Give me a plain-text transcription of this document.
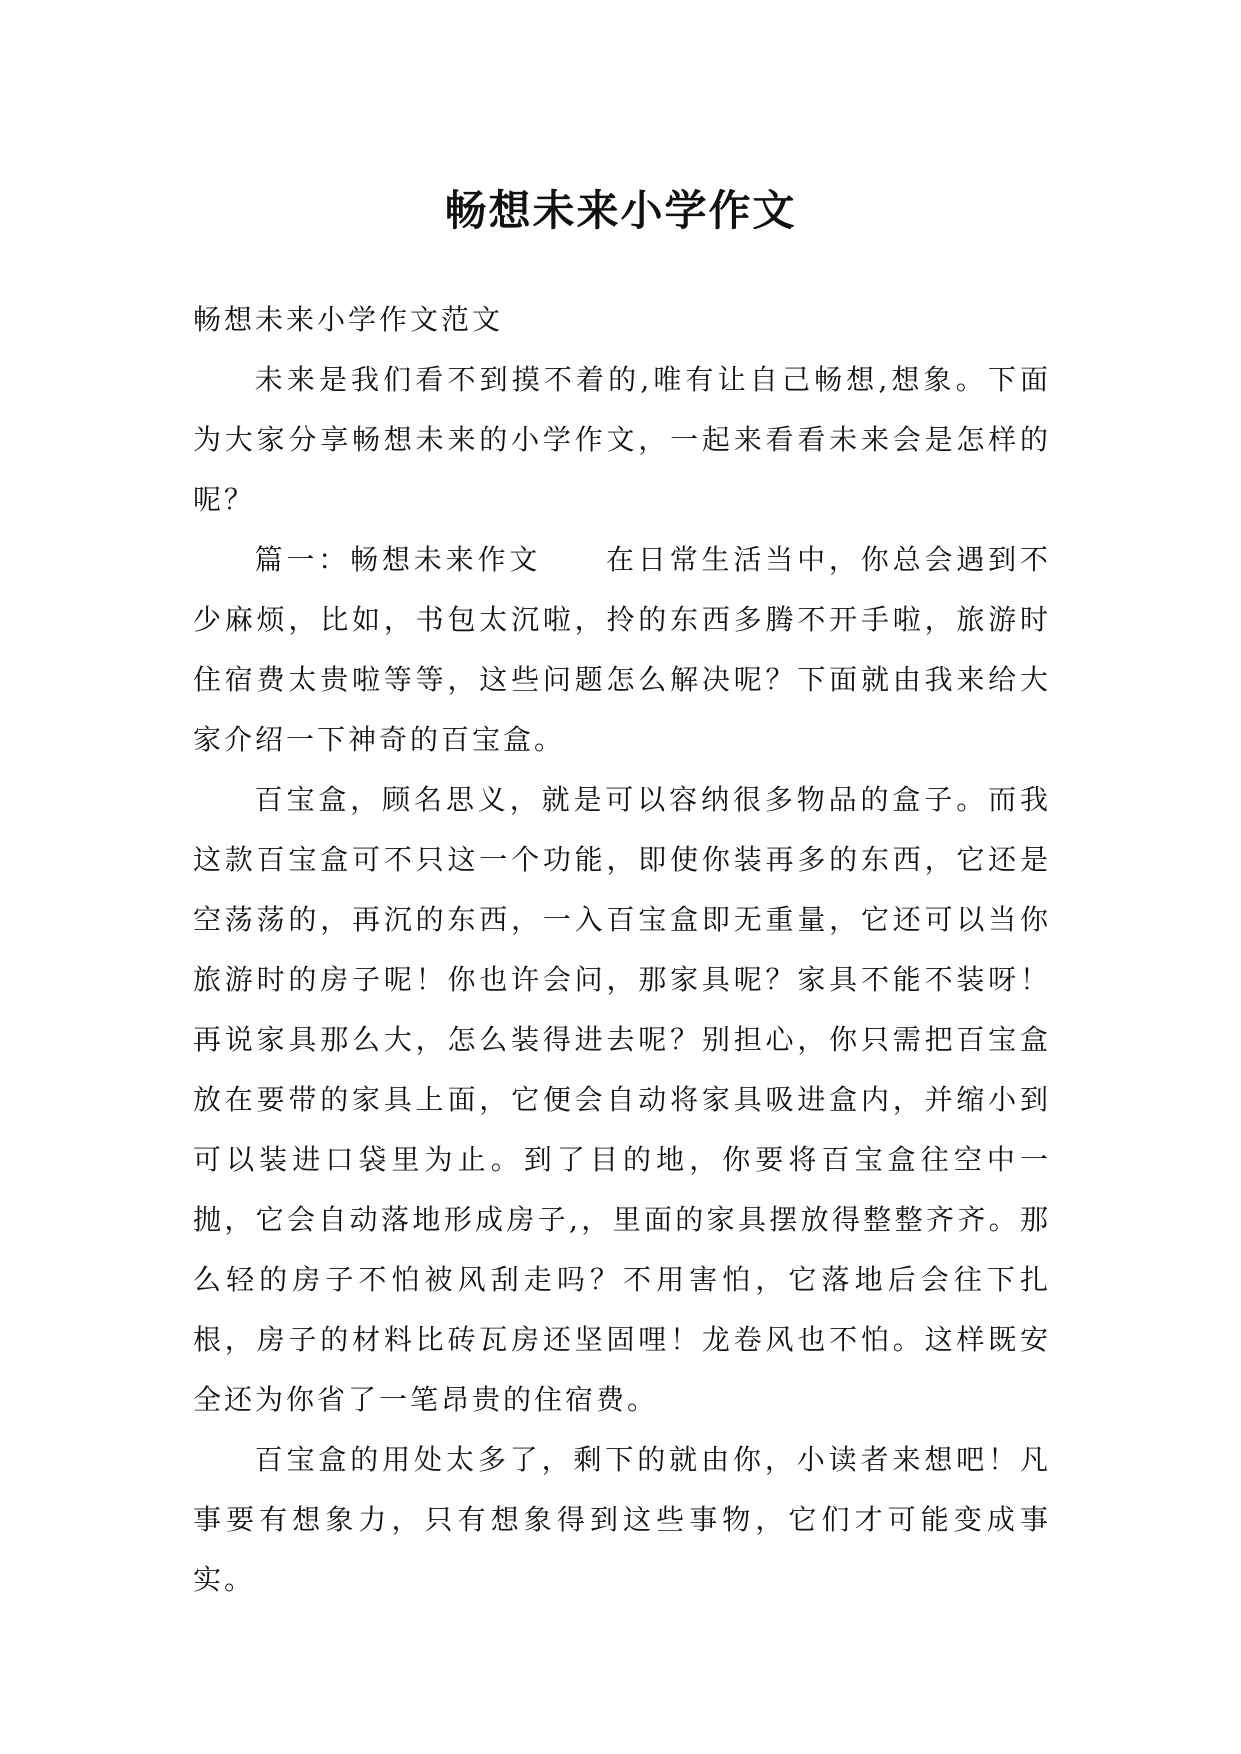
畅想未来小学作文

畅想未来小学作文范文

未来是我们看不到摸不着的,唯有让自己畅想,想象。下面为大家分享畅想未来的小学作文，一起来看看未来会是怎样的呢？

篇一：畅想未来作文 在日常生活当中，你总会遇到不少麻烦，比如，书包太沉啦，拎的东西多腾不开手啦，旅游时住宿费太贵啦等等，这些问题怎么解决呢？下面就由我来给大家介绍一下神奇的百宝盒。

百宝盒，顾名思义，就是可以容纳很多物品的盒子。而我这款百宝盒可不只这一个功能，即使你装再多的东西，它还是空荡荡的，再沉的东西，一入百宝盒即无重量，它还可以当你旅游时的房子呢！你也许会问，那家具呢？家具不能不装呀！再说家具那么大，怎么装得进去呢？别担心，你只需把百宝盒放在要带的家具上面，它便会自动将家具吸进盒内，并缩小到可以装进口袋里为止。到了目的地，你要将百宝盒往空中一抛，它会自动落地形成房子,，里面的家具摆放得整整齐齐。那么轻的房子不怕被风刮走吗？不用害怕，它落地后会往下扎根，房子的材料比砖瓦房还坚固哩！龙卷风也不怕。这样既安全还为你省了一笔昂贵的住宿费。

百宝盒的用处太多了，剩下的就由你，小读者来想吧！凡事要有想象力，只有想象得到这些事物，它们才可能变成事实。
